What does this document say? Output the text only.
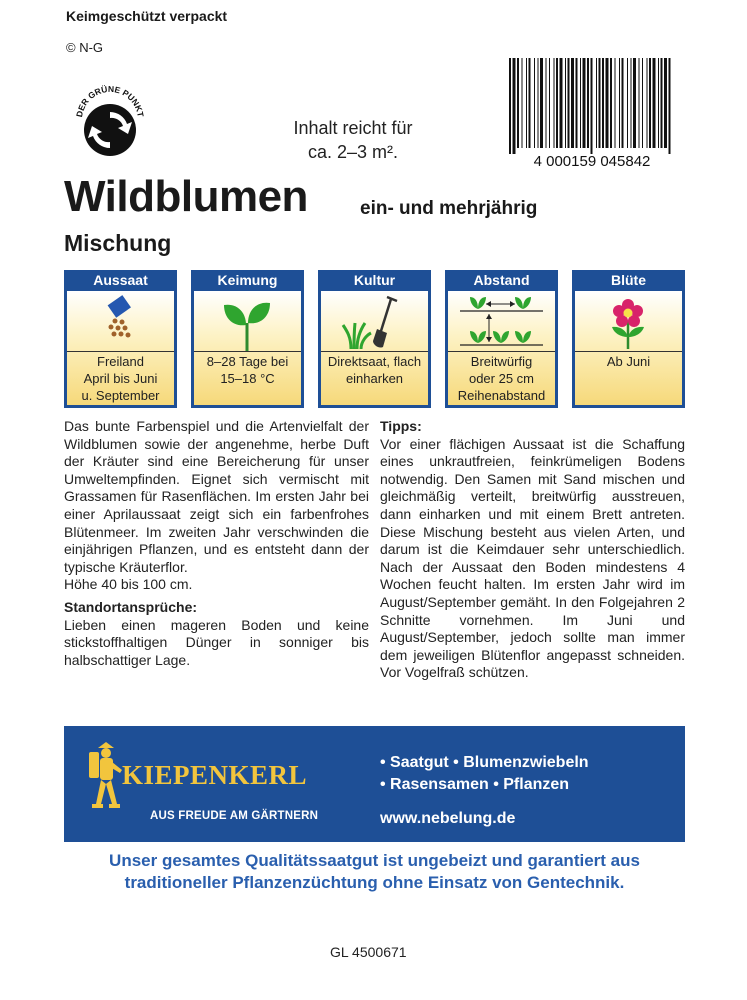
Keimgeschützt verpackt
© N-G
DER GRÜNE PUNKT
Inhalt reicht für
ca. 2–3 m².	4 000159 045842
Wildblumen	ein- und mehrjährig
Mischung
Aussaat
Freiland
April bis Juni
u. September
Keimung
8–28 Tage bei
15–18 °C
Kultur
Direktsaat, flach
einharken
Abstand
Breitwürfig
oder 25 cm
Reihenabstand
Blüte
Ab Juni

Das bunte Farbenspiel und die Artenvielfalt der Wildblumen sowie der angenehme, herbe Duft der Kräuter sind eine Bereicherung für unser Umweltempfinden. Eignet sich vermischt mit Grassamen für Rasenflächen. Im ersten Jahr bei einer Aprilaussaat zeigt sich ein farbenfrohes Blütenmeer. Im zweiten Jahr verschwinden die einjährigen Pflanzen, und es entsteht dann der typische Kräuterflor.

Höhe 40 bis 100 cm.

Standortansprüche:

Lieben einen mageren Boden und keine stickstoffhaltigen Dünger in sonniger bis halbschattiger Lage.

Tipps:

Vor einer flächigen Aussaat ist die Schaffung eines unkrautfreien, feinkrümeligen Bodens notwendig. Den Samen mit Sand mischen und gleichmäßig verteilt, breitwürfig ausstreuen, dann einharken und mit einem Brett antreten. Diese Mischung besteht aus vielen Arten, und darum ist die Keimdauer sehr unterschiedlich. Nach der Aussaat den Boden mindestens 4 Wochen feucht halten. Im ersten Jahr wird im August/September gemäht. In den Folgejahren 2 Schnitte vornehmen. Im Juni und August/September, jedoch sollte man immer dem jeweiligen Blütenflor angepasst schneiden. Vor Vogelfraß schützen.

KIEPENKERL
AUS FREUDE AM GÄRTNERN
• Saatgut • Blumenzwiebeln
• Rasensamen • Pflanzen
www.nebelung.de
Unser gesamtes Qualitätssaatgut ist ungebeizt und garantiert aus
traditioneller Pflanzenzüchtung ohne Einsatz von Gentechnik.
GL 4500671
